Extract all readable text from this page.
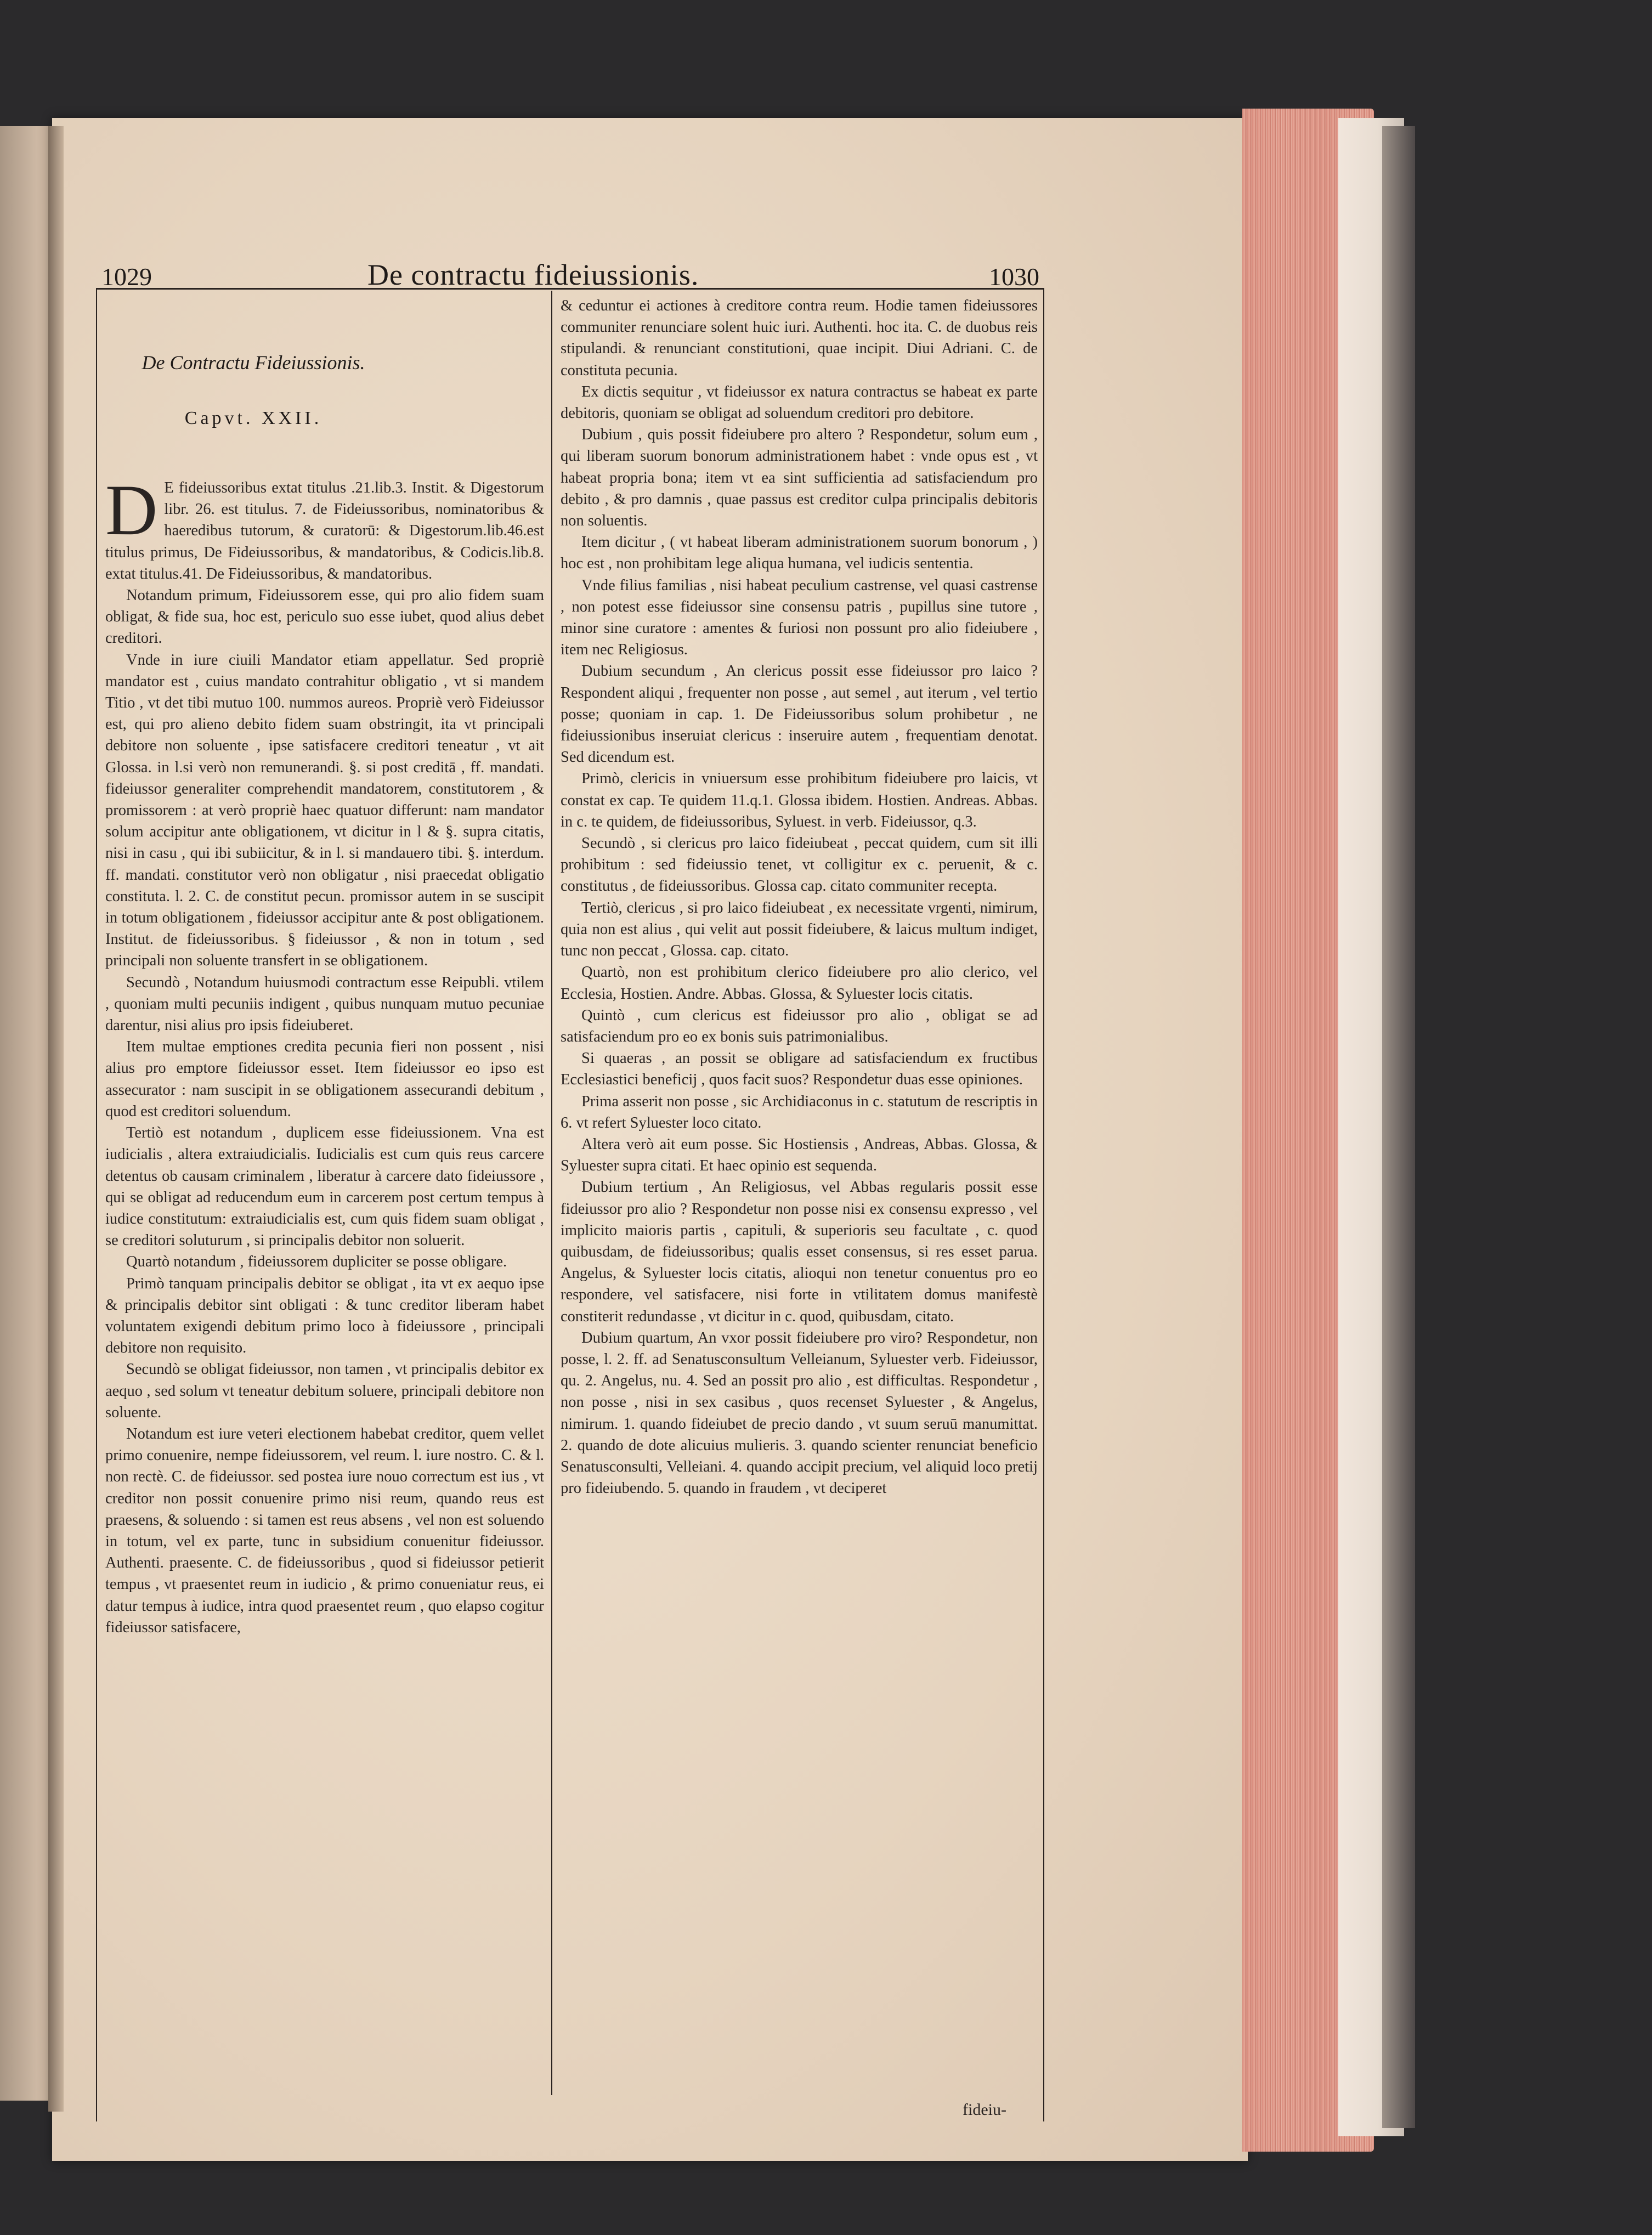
1029	De contractu fideiussionis.	1030
De Contractu Fideiussionis.
Capvt. XXII.

D E fideiussoribus extat titulus .21.lib.3. Instit. & Digestorum libr. 26. est titulus. 7. de Fideiussoribus, nominatoribus & haeredibus tutorum, & curatorū: & Digestorum.lib.46.est titulus primus, De Fideiussoribus, & mandatoribus, & Codicis.lib.8. extat titulus.41. De Fideiussoribus, & mandatoribus.

Notandum primum, Fideiussorem esse, qui pro alio fidem suam obligat, & fide sua, hoc est, periculo suo esse iubet, quod alius debet creditori.

Vnde in iure ciuili Mandator etiam appellatur. Sed propriè mandator est , cuius mandato contrahitur obligatio , vt si mandem Titio , vt det tibi mutuo 100. nummos aureos. Propriè verò Fideiussor est, qui pro alieno debito fidem suam obstringit, ita vt principali debitore non soluente , ipse satisfacere creditori teneatur , vt ait Glossa. in l.si verò non remunerandi. §. si post creditā , ff. mandati. fideiussor generaliter comprehendit mandatorem, constitutorem , & promissorem : at verò propriè haec quatuor differunt: nam mandator solum accipitur ante obligationem, vt dicitur in l & §. supra citatis, nisi in casu , qui ibi subiicitur, & in l. si mandauero tibi. §. interdum. ff. mandati. constitutor verò non obligatur , nisi praecedat obligatio constituta. l. 2. C. de constitut pecun. promissor autem in se suscipit in totum obligationem , fideiussor accipitur ante & post obligationem. Institut. de fideiussoribus. § fideiussor , & non in totum , sed principali non soluente transfert in se obligationem.

Secundò , Notandum huiusmodi contractum esse Reipubli. vtilem , quoniam multi pecuniis indigent , quibus nunquam mutuo pecuniae darentur, nisi alius pro ipsis fideiuberet.

Item multae emptiones credita pecunia fieri non possent , nisi alius pro emptore fideiussor esset. Item fideiussor eo ipso est assecurator : nam suscipit in se obligationem assecurandi debitum , quod est creditori soluendum.

Tertiò est notandum , duplicem esse fideiussionem. Vna est iudicialis , altera extraiudicialis. Iudicialis est cum quis reus carcere detentus ob causam criminalem , liberatur à carcere dato fideiussore , qui se obligat ad reducendum eum in carcerem post certum tempus à iudice constitutum: extraiudicialis est, cum quis fidem suam obligat , se creditori soluturum , si principalis debitor non soluerit.

Quartò notandum , fideiussorem dupliciter se posse obligare.

Primò tanquam principalis debitor se obligat , ita vt ex aequo ipse & principalis debitor sint obligati : & tunc creditor liberam habet voluntatem exigendi debitum primo loco à fideiussore , principali debitore non requisito.

Secundò se obligat fideiussor, non tamen , vt principalis debitor ex aequo , sed solum vt teneatur debitum soluere, principali debitore non soluente.

Notandum est iure veteri electionem habebat creditor, quem vellet primo conuenire, nempe fideiussorem, vel reum. l. iure nostro. C. & l. non rectè. C. de fideiussor. sed postea iure nouo correctum est ius , vt creditor non possit conuenire primo nisi reum, quando reus est praesens, & soluendo : si tamen est reus absens , vel non est soluendo in totum, vel ex parte, tunc in subsidium conuenitur fideiussor. Authenti. praesente. C. de fideiussoribus , quod si fideiussor petierit tempus , vt praesentet reum in iudicio , & primo conueniatur reus, ei datur tempus à iudice, intra quod praesentet reum , quo elapso cogitur fideiussor satisfacere,

& ceduntur ei actiones à creditore contra reum. Hodie tamen fideiussores communiter renunciare solent huic iuri. Authenti. hoc ita. C. de duobus reis stipulandi. & renunciant constitutioni, quae incipit. Diui Adriani. C. de constituta pecunia.

Ex dictis sequitur , vt fideiussor ex natura contractus se habeat ex parte debitoris, quoniam se obligat ad soluendum creditori pro debitore.

Dubium , quis possit fideiubere pro altero ? Respondetur, solum eum , qui liberam suorum bonorum administrationem habet : vnde opus est , vt habeat propria bona; item vt ea sint sufficientia ad satisfaciendum pro debito , & pro damnis , quae passus est creditor culpa principalis debitoris non soluentis.

Item dicitur , ( vt habeat liberam administrationem suorum bonorum , ) hoc est , non prohibitam lege aliqua humana, vel iudicis sententia.

Vnde filius familias , nisi habeat peculium castrense, vel quasi castrense , non potest esse fideiussor sine consensu patris , pupillus sine tutore , minor sine curatore : amentes & furiosi non possunt pro alio fideiubere , item nec Religiosus.

Dubium secundum , An clericus possit esse fideiussor pro laico ? Respondent aliqui , frequenter non posse , aut semel , aut iterum , vel tertio posse; quoniam in cap. 1. De Fideiussoribus solum prohibetur , ne fideiussionibus inseruiat clericus : inseruire autem , frequentiam denotat. Sed dicendum est.

Primò, clericis in vniuersum esse prohibitum fideiubere pro laicis, vt constat ex cap. Te quidem 11.q.1. Glossa ibidem. Hostien. Andreas. Abbas. in c. te quidem, de fideiussoribus, Syluest. in verb. Fideiussor, q.3.

Secundò , si clericus pro laico fideiubeat , peccat quidem, cum sit illi prohibitum : sed fideiussio tenet, vt colligitur ex c. peruenit, & c. constitutus , de fideiussoribus. Glossa cap. citato communiter recepta.

Tertiò, clericus , si pro laico fideiubeat , ex necessitate vrgenti, nimirum, quia non est alius , qui velit aut possit fideiubere, & laicus multum indiget, tunc non peccat , Glossa. cap. citato.

Quartò, non est prohibitum clerico fideiubere pro alio clerico, vel Ecclesia, Hostien. Andre. Abbas. Glossa, & Syluester locis citatis.

Quintò , cum clericus est fideiussor pro alio , obligat se ad satisfaciendum pro eo ex bonis suis patrimonialibus.

Si quaeras , an possit se obligare ad satisfaciendum ex fructibus Ecclesiastici beneficij , quos facit suos? Respondetur duas esse opiniones.

Prima asserit non posse , sic Archidiaconus in c. statutum de rescriptis in 6. vt refert Syluester loco citato.

Altera verò ait eum posse. Sic Hostiensis , Andreas, Abbas. Glossa, & Syluester supra citati. Et haec opinio est sequenda.

Dubium tertium , An Religiosus, vel Abbas regularis possit esse fideiussor pro alio ? Respondetur non posse nisi ex consensu expresso , vel implicito maioris partis , capituli, & superioris seu facultate , c. quod quibusdam, de fideiussoribus; qualis esset consensus, si res esset parua. Angelus, & Syluester locis citatis, alioqui non tenetur conuentus pro eo respondere, vel satisfacere, nisi forte in vtilitatem domus manifestè constiterit redundasse , vt dicitur in c. quod, quibusdam, citato.

Dubium quartum, An vxor possit fideiubere pro viro? Respondetur, non posse, l. 2. ff. ad Senatusconsultum Velleianum, Syluester verb. Fideiussor, qu. 2. Angelus, nu. 4. Sed an possit pro alio , est difficultas. Respondetur , non posse , nisi in sex casibus , quos recenset Syluester , & Angelus, nimirum. 1. quando fideiubet de precio dando , vt suum seruū manumittat. 2. quando de dote alicuius mulieris. 3. quando scienter renunciat beneficio Senatusconsulti, Velleiani. 4. quando accipit precium, vel aliquid loco pretij pro fideiubendo. 5. quando in fraudem , vt deciperet

fideiu-
